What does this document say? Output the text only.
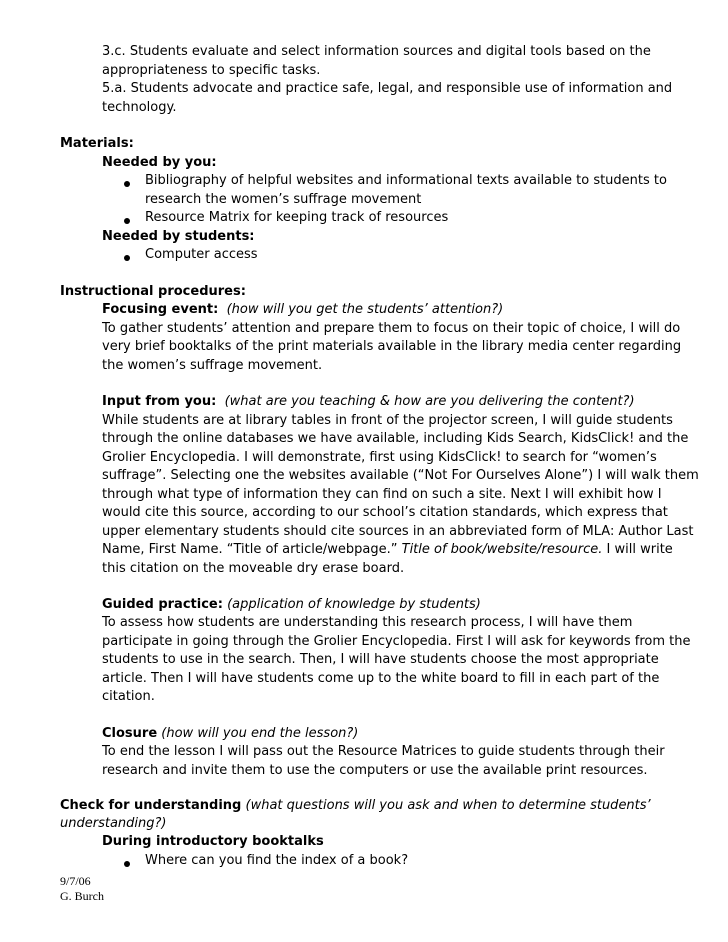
3.c. Students evaluate and select information sources and digital tools based on the
appropriateness to specific tasks.
5.a. Students advocate and practice safe, legal, and responsible use of information and
technology.
Materials:
Needed by you:
Bibliography of helpful websites and informational texts available to students to
research the women’s suffrage movement
Resource Matrix for keeping track of resources
Needed by students:
Computer access
Instructional procedures:
Focusing event: (how will you get the students’ attention?)
To gather students’ attention and prepare them to focus on their topic of choice, I will do
very brief booktalks of the print materials available in the library media center regarding
the women’s suffrage movement.
Input from you: (what are you teaching & how are you delivering the content?)
While students are at library tables in front of the projector screen, I will guide students
through the online databases we have available, including Kids Search, KidsClick! and the
Grolier Encyclopedia. I will demonstrate, first using KidsClick! to search for “women’s
suffrage”. Selecting one the websites available (“Not For Ourselves Alone”) I will walk them
through what type of information they can find on such a site. Next I will exhibit how I
would cite this source, according to our school’s citation standards, which express that
upper elementary students should cite sources in an abbreviated form of MLA: Author Last
Name, First Name. “Title of article/webpage.” Title of book/website/resource. I will write
this citation on the moveable dry erase board.
Guided practice: (application of knowledge by students)
To assess how students are understanding this research process, I will have them
participate in going through the Grolier Encyclopedia. First I will ask for keywords from the
students to use in the search. Then, I will have students choose the most appropriate
article. Then I will have students come up to the white board to fill in each part of the
citation.
Closure (how will you end the lesson?)
To end the lesson I will pass out the Resource Matrices to guide students through their
research and invite them to use the computers or use the available print resources.
Check for understanding (what questions will you ask and when to determine students’
understanding?)
During introductory booktalks
Where can you find the index of a book?
9/7/06
G. Burch
